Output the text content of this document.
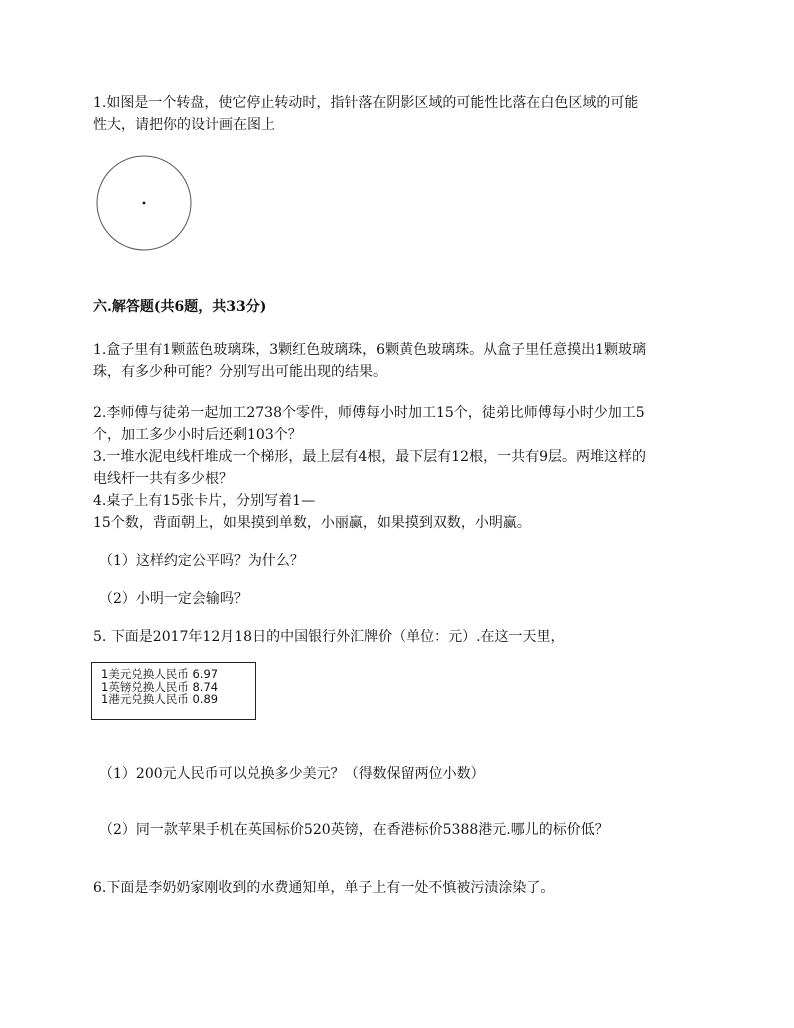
1.如图是一个转盘，使它停止转动时，指针落在阴影区域的可能性比落在白色区域的可能
性大，请把你的设计画在图上
六.解答题(共6题，共33分)
1.盒子里有1颗蓝色玻璃珠，3颗红色玻璃珠，6颗黄色玻璃珠。从盒子里任意摸出1颗玻璃
珠，有多少种可能？分别写出可能出现的结果。
2.李师傅与徒弟一起加工2738个零件，师傅每小时加工15个，徒弟比师傅每小时少加工5
个，加工多少小时后还剩103个？
3.一堆水泥电线杆堆成一个梯形，最上层有4根，最下层有12根，一共有9层。两堆这样的
电线杆一共有多少根？
4.桌子上有15张卡片，分别写着1—
15个数，背面朝上，如果摸到单数，小丽赢，如果摸到双数，小明赢。
（1）这样约定公平吗？为什么？
（2）小明一定会输吗？
5. 下面是2017年12月18日的中国银行外汇牌价（单位：元）.在这一天里，
1美元兑换人民币 6.97
1英镑兑换人民币 8.74
1港元兑换人民币 0.89
（1）200元人民币可以兑换多少美元？（得数保留两位小数）
（2）同一款苹果手机在英国标价520英镑，在香港标价5388港元.哪儿的标价低？
6.下面是李奶奶家刚收到的水费通知单，单子上有一处不慎被污渍涂染了。
